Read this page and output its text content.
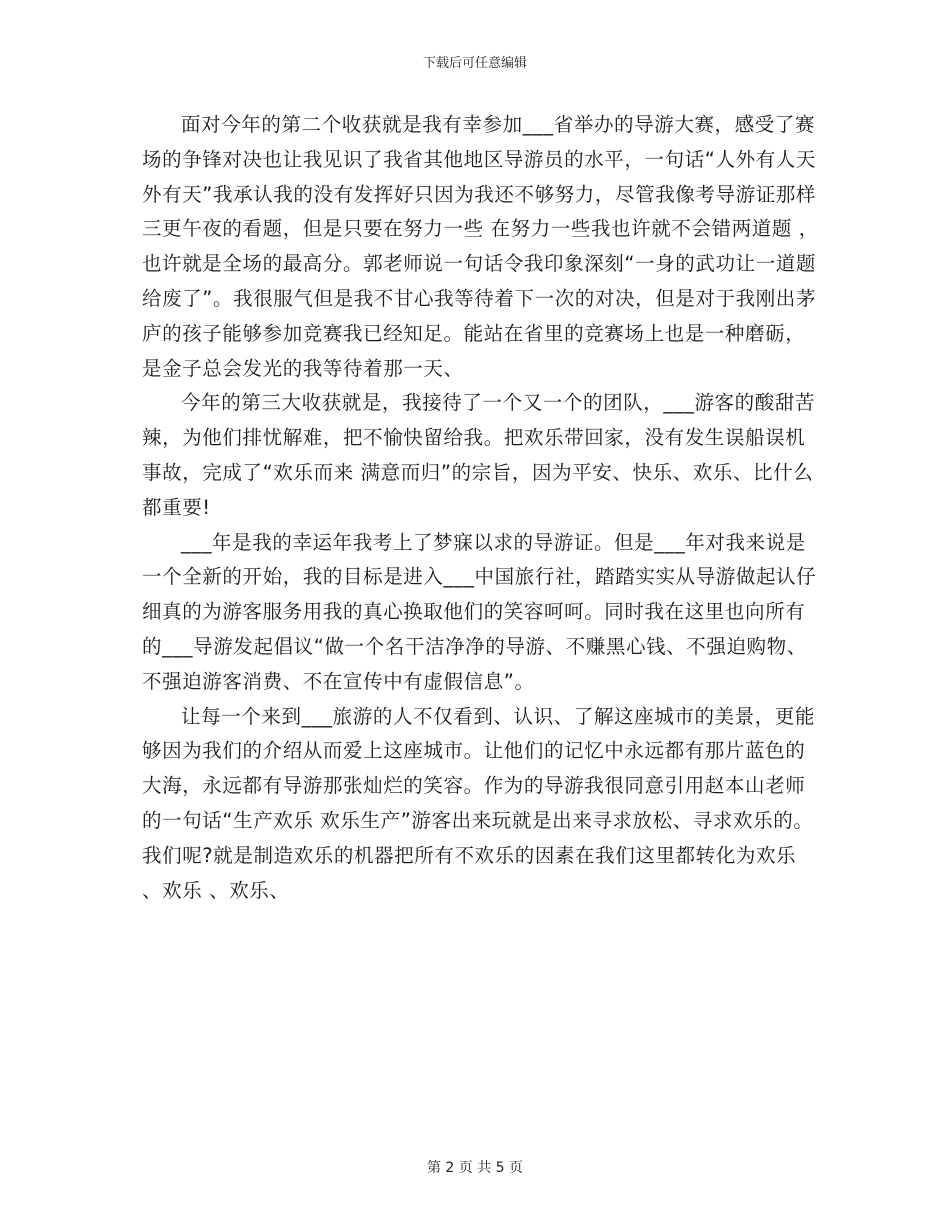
下载后可任意编辑

面对今年的第二个收获就是我有幸参加___省举办的导游大赛，感受了赛场的争锋对决也让我见识了我省其他地区导游员的水平，一句话“人外有人天外有天”我承认我的没有发挥好只因为我还不够努力，尽管我像考导游证那样三更午夜的看题，但是只要在努力一些 在努力一些我也许就不会错两道题 ，也许就是全场的最高分。郭老师说一句话令我印象深刻“一身的武功让一道题给废了”。我很服气但是我不甘心我等待着下一次的对决，但是对于我刚出茅庐的孩子能够参加竞赛我已经知足。能站在省里的竞赛场上也是一种磨砺，是金子总会发光的我等待着那一天、

今年的第三大收获就是，我接待了一个又一个的团队，___游客的酸甜苦辣，为他们排忧解难，把不愉快留给我。把欢乐带回家，没有发生误船误机事故，完成了“欢乐而来 满意而归”的宗旨，因为平安、快乐、欢乐、比什么都重要!

___年是我的幸运年我考上了梦寐以求的导游证。但是___年对我来说是一个全新的开始，我的目标是进入___中国旅行社，踏踏实实从导游做起认仔细真的为游客服务用我的真心换取他们的笑容呵呵。同时我在这里也向所有的___导游发起倡议“做一个名干洁净净的导游、不赚黑心钱、不强迫购物、不强迫游客消费、不在宣传中有虚假信息”。

让每一个来到___旅游的人不仅看到、认识、了解这座城市的美景，更能够因为我们的介绍从而爱上这座城市。让他们的记忆中永远都有那片蓝色的大海，永远都有导游那张灿烂的笑容。作为的导游我很同意引用赵本山老师的一句话“生产欢乐 欢乐生产”游客出来玩就是出来寻求放松、寻求欢乐的。我们呢?就是制造欢乐的机器把所有不欢乐的因素在我们这里都转化为欢乐 、欢乐 、欢乐、

第 2 页 共 5 页
